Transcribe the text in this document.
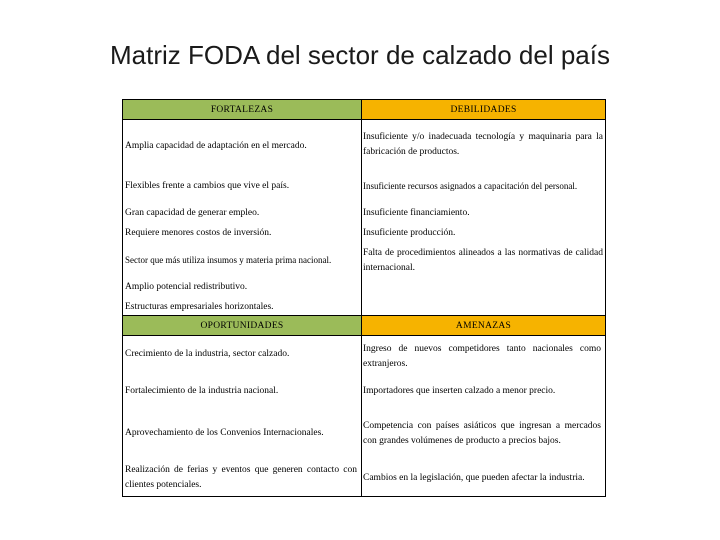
Matriz FODA del sector de calzado del país
FORTALEZAS	DEBILIDADES
Amplia capacidad de adaptación en el mercado.
Flexibles frente a cambios que vive el país.
Gran capacidad de generar empleo.
Requiere menores costos de inversión.
Sector que más utiliza insumos y materia prima nacional.
Amplio potencial redistributivo.
Estructuras empresariales horizontales.
Insuficiente y/o inadecuada tecnología y maquinaria para la fabricación de productos.
Insuficiente recursos asignados a capacitación del personal.
Insuficiente financiamiento.
Insuficiente producción.
Falta de procedimientos alineados a las normativas de calidad internacional.
OPORTUNIDADES	AMENAZAS
Crecimiento de la industria, sector calzado.
Fortalecimiento de la industria nacional.
Aprovechamiento de los Convenios Internacionales.
Realización de ferias y eventos que generen contacto con clientes potenciales.
Ingreso de nuevos competidores tanto nacionales como extranjeros.
Importadores que inserten calzado a menor precio.
Competencia con países asiáticos que ingresan a mercados con grandes volúmenes de producto a precios bajos.
Cambios en la legislación, que pueden afectar la industria.
